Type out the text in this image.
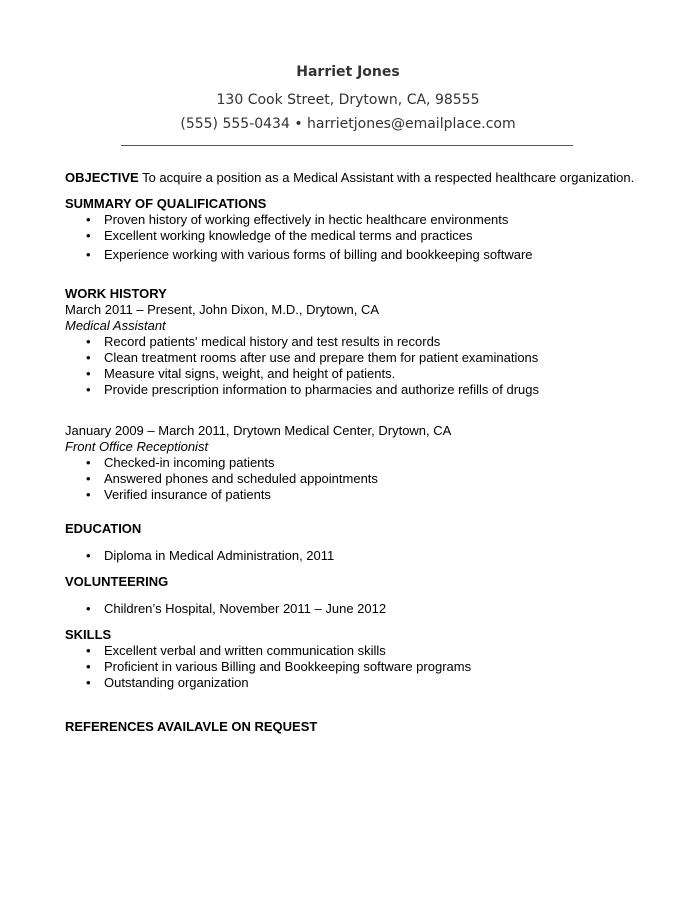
Harriet Jones
130 Cook Street, Drytown, CA, 98555
(555) 555-0434 • harrietjones@emailplace.com
OBJECTIVE To acquire a position as a Medical Assistant with a respected healthcare organization.
SUMMARY OF QUALIFICATIONS
• Proven history of working effectively in hectic healthcare environments
• Excellent working knowledge of the medical terms and practices
• Experience working with various forms of billing and bookkeeping software
WORK HISTORY
March 2011 – Present, John Dixon, M.D., Drytown, CA
Medical Assistant
• Record patients' medical history and test results in records
• Clean treatment rooms after use and prepare them for patient examinations
• Measure vital signs, weight, and height of patients.
• Provide prescription information to pharmacies and authorize refills of drugs
January 2009 – March 2011, Drytown Medical Center, Drytown, CA
Front Office Receptionist
• Checked-in incoming patients
• Answered phones and scheduled appointments
• Verified insurance of patients
EDUCATION
• Diploma in Medical Administration, 2011
VOLUNTEERING
• Children’s Hospital, November 2011 – June 2012
SKILLS
• Excellent verbal and written communication skills
• Proficient in various Billing and Bookkeeping software programs
• Outstanding organization
REFERENCES AVAILAVLE ON REQUEST
